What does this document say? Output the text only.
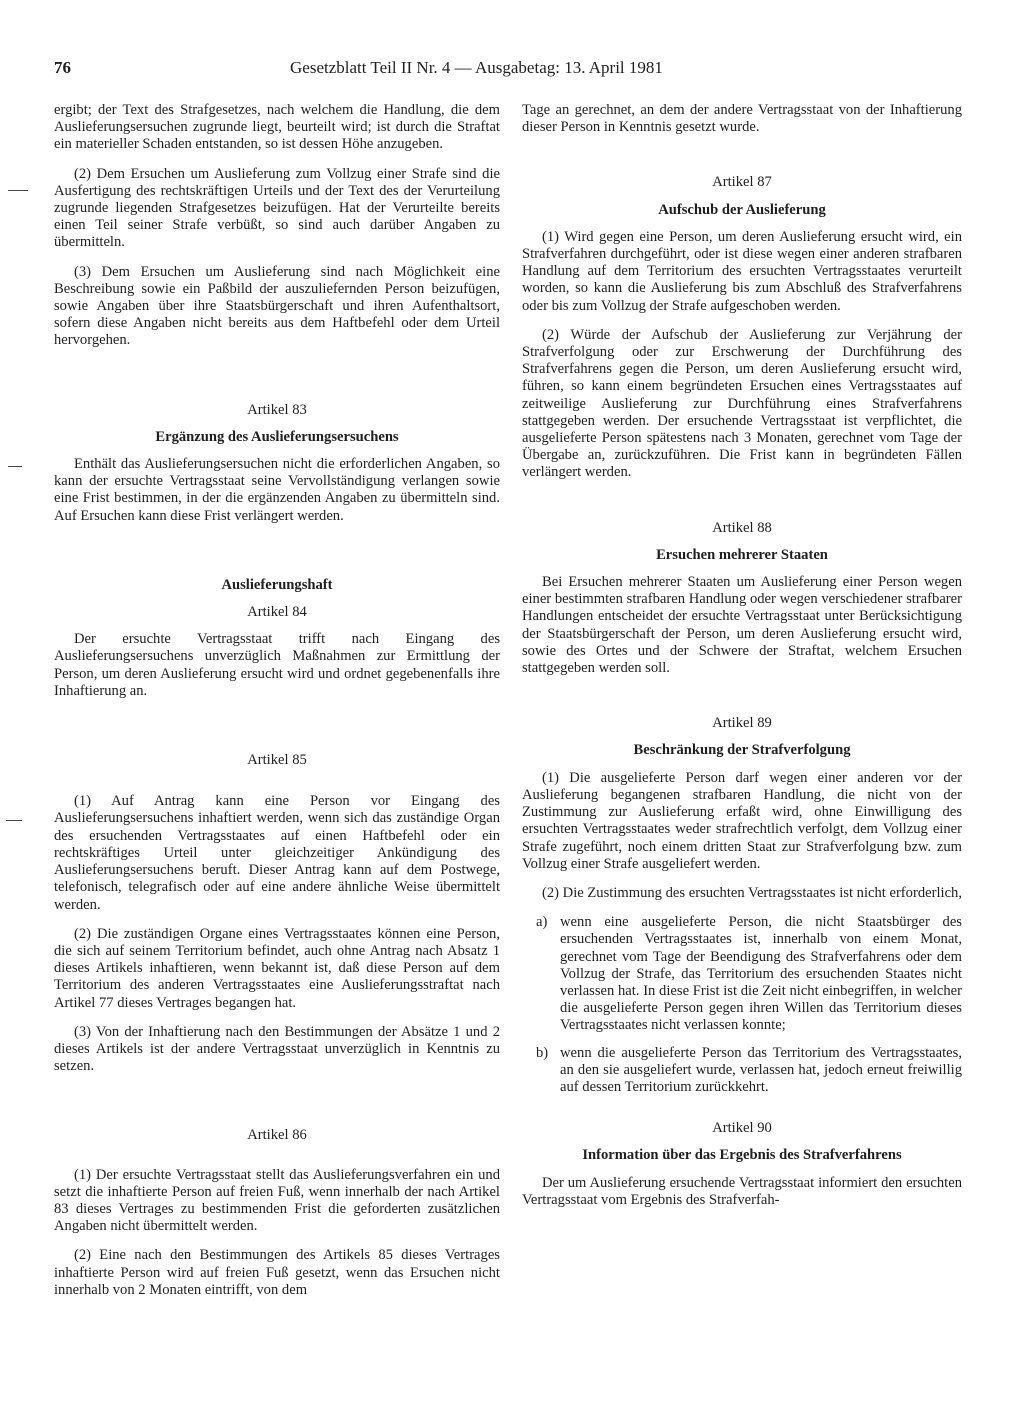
76	Gesetzblatt Teil II Nr. 4 — Ausgabetag: 13. April 1981

ergibt; der Text des Strafgesetzes, nach welchem die Handlung, die dem Auslieferungsersuchen zugrunde liegt, beurteilt wird; ist durch die Straftat ein materieller Schaden entstanden, so ist dessen Höhe anzugeben.

(2) Dem Ersuchen um Auslieferung zum Vollzug einer Strafe sind die Ausfertigung des rechtskräftigen Urteils und der Text des der Verurteilung zugrunde liegenden Strafgesetzes beizufügen. Hat der Verurteilte bereits einen Teil seiner Strafe verbüßt, so sind auch darüber Angaben zu übermitteln.

(3) Dem Ersuchen um Auslieferung sind nach Möglichkeit eine Beschreibung sowie ein Paßbild der auszuliefernden Person beizufügen, sowie Angaben über ihre Staatsbürgerschaft und ihren Aufenthaltsort, sofern diese Angaben nicht bereits aus dem Haftbefehl oder dem Urteil hervorgehen.

Artikel 83
Ergänzung des Auslieferungsersuchens

Enthält das Auslieferungsersuchen nicht die erforderlichen Angaben, so kann der ersuchte Vertragsstaat seine Vervollständigung verlangen sowie eine Frist bestimmen, in der die ergänzenden Angaben zu übermitteln sind. Auf Ersuchen kann diese Frist verlängert werden.

Auslieferungshaft
Artikel 84

Der ersuchte Vertragsstaat trifft nach Eingang des Auslieferungsersuchens unverzüglich Maßnahmen zur Ermittlung der Person, um deren Auslieferung ersucht wird und ordnet gegebenenfalls ihre Inhaftierung an.

Artikel 85

(1) Auf Antrag kann eine Person vor Eingang des Auslieferungsersuchens inhaftiert werden, wenn sich das zuständige Organ des ersuchenden Vertragsstaates auf einen Haftbefehl oder ein rechtskräftiges Urteil unter gleichzeitiger Ankündigung des Auslieferungsersuchens beruft. Dieser Antrag kann auf dem Postwege, telefonisch, telegrafisch oder auf eine andere ähnliche Weise übermittelt werden.

(2) Die zuständigen Organe eines Vertragsstaates können eine Person, die sich auf seinem Territorium befindet, auch ohne Antrag nach Absatz 1 dieses Artikels inhaftieren, wenn bekannt ist, daß diese Person auf dem Territorium des anderen Vertragsstaates eine Auslieferungsstraftat nach Artikel 77 dieses Vertrages begangen hat.

(3) Von der Inhaftierung nach den Bestimmungen der Absätze 1 und 2 dieses Artikels ist der andere Vertragsstaat unverzüglich in Kenntnis zu setzen.

Artikel 86

(1) Der ersuchte Vertragsstaat stellt das Auslieferungsverfahren ein und setzt die inhaftierte Person auf freien Fuß, wenn innerhalb der nach Artikel 83 dieses Vertrages zu bestimmenden Frist die geforderten zusätzlichen Angaben nicht übermittelt werden.

(2) Eine nach den Bestimmungen des Artikels 85 dieses Vertrages inhaftierte Person wird auf freien Fuß gesetzt, wenn das Ersuchen nicht innerhalb von 2 Monaten eintrifft, von dem

Tage an gerechnet, an dem der andere Vertragsstaat von der Inhaftierung dieser Person in Kenntnis gesetzt wurde.

Artikel 87
Aufschub der Auslieferung

(1) Wird gegen eine Person, um deren Auslieferung ersucht wird, ein Strafverfahren durchgeführt, oder ist diese wegen einer anderen strafbaren Handlung auf dem Territorium des ersuchten Vertragsstaates verurteilt worden, so kann die Auslieferung bis zum Abschluß des Strafverfahrens oder bis zum Vollzug der Strafe aufgeschoben werden.

(2) Würde der Aufschub der Auslieferung zur Verjährung der Strafverfolgung oder zur Erschwerung der Durchführung des Strafverfahrens gegen die Person, um deren Auslieferung ersucht wird, führen, so kann einem begründeten Ersuchen eines Vertragsstaates auf zeitweilige Auslieferung zur Durchführung eines Strafverfahrens stattgegeben werden. Der ersuchende Vertragsstaat ist verpflichtet, die ausgelieferte Person spätestens nach 3 Monaten, gerechnet vom Tage der Übergabe an, zurückzuführen. Die Frist kann in begründeten Fällen verlängert werden.

Artikel 88
Ersuchen mehrerer Staaten

Bei Ersuchen mehrerer Staaten um Auslieferung einer Person wegen einer bestimmten strafbaren Handlung oder wegen verschiedener strafbarer Handlungen entscheidet der ersuchte Vertragsstaat unter Berücksichtigung der Staatsbürgerschaft der Person, um deren Auslieferung ersucht wird, sowie des Ortes und der Schwere der Straftat, welchem Ersuchen stattgegeben werden soll.

Artikel 89
Beschränkung der Strafverfolgung

(1) Die ausgelieferte Person darf wegen einer anderen vor der Auslieferung begangenen strafbaren Handlung, die nicht von der Zustimmung zur Auslieferung erfaßt wird, ohne Einwilligung des ersuchten Vertragsstaates weder strafrechtlich verfolgt, dem Vollzug einer Strafe zugeführt, noch einem dritten Staat zur Strafverfolgung bzw. zum Vollzug einer Strafe ausgeliefert werden.

(2) Die Zustimmung des ersuchten Vertragsstaates ist nicht erforderlich,

a) wenn eine ausgelieferte Person, die nicht Staatsbürger des ersuchenden Vertragsstaates ist, innerhalb von einem Monat, gerechnet vom Tage der Beendigung des Strafverfahrens oder dem Vollzug der Strafe, das Territorium des ersuchenden Staates nicht verlassen hat. In diese Frist ist die Zeit nicht einbegriffen, in welcher die ausgelieferte Person gegen ihren Willen das Territorium dieses Vertragsstaates nicht verlassen konnte;
b) wenn die ausgelieferte Person das Territorium des Vertragsstaates, an den sie ausgeliefert wurde, verlassen hat, jedoch erneut freiwillig auf dessen Territorium zurückkehrt.
Artikel 90
Information über das Ergebnis des Strafverfahrens

Der um Auslieferung ersuchende Vertragsstaat informiert den ersuchten Vertragsstaat vom Ergebnis des Strafverfah-
